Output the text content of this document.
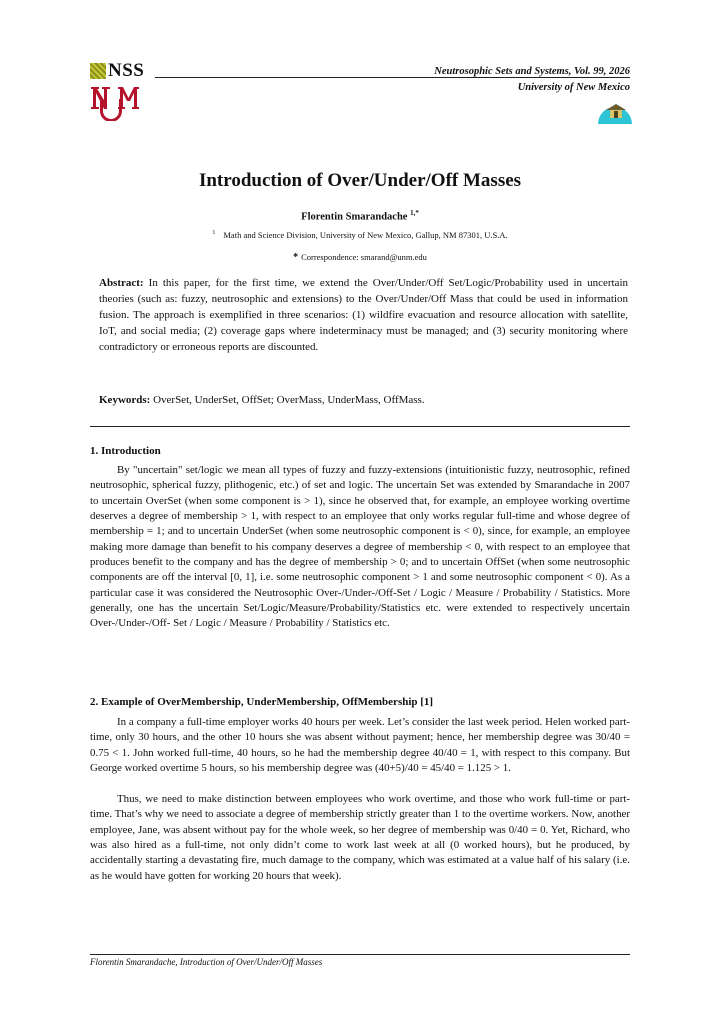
NSS	Neutrosophic Sets and Systems, Vol. 99, 2026
University of New Mexico
Introduction of Over/Under/Off Masses
Florentin Smarandache $^{1,*}$
$^1$ Math and Science Division, University of New Mexico, Gallup, NM 87301, U.S.A.
* Correspondence: smarand@unm.edu
Abstract: In this paper, for the first time, we extend the Over/Under/Off Set/Logic/Probability used in uncertain theories (such as: fuzzy, neutrosophic and extensions) to the Over/Under/Off Mass that could be used in information fusion. The approach is exemplified in three scenarios: (1) wildfire evacuation and resource allocation with satellite, IoT, and social media; (2) coverage gaps where indeterminacy must be managed; and (3) security monitoring where contradictory or erroneous reports are discounted.
Keywords: OverSet, UnderSet, OffSet; OverMass, UnderMass, OffMass.
1. Introduction

By "uncertain" set/logic we mean all types of fuzzy and fuzzy-extensions (intuitionistic fuzzy, neutrosophic, refined neutrosophic, spherical fuzzy, plithogenic, etc.) of set and logic. The uncertain Set was extended by Smarandache in 2007 to uncertain OverSet (when some component is > 1), since he observed that, for example, an employee working overtime deserves a degree of membership > 1, with respect to an employee that only works regular full-time and whose degree of membership = 1; and to uncertain UnderSet (when some neutrosophic component is < 0), since, for example, an employee making more damage than benefit to his company deserves a degree of membership < 0, with respect to an employee that produces benefit to the company and has the degree of membership > 0; and to uncertain OffSet (when some neutrosophic components are off the interval [0, 1], i.e. some neutrosophic component > 1 and some neutrosophic component < 0). As a particular case it was considered the Neutrosophic Over-/Under-/Off-Set / Logic / Measure / Probability / Statistics. More generally, one has the uncertain Set/Logic/Measure/Probability/Statistics etc. were extended to respectively uncertain Over-/Under-/Off- Set / Logic / Measure / Probability / Statistics etc.

2. Example of OverMembership, UnderMembership, OffMembership [1]

In a company a full-time employer works 40 hours per week. Let’s consider the last week period. Helen worked part-time, only 30 hours, and the other 10 hours she was absent without payment; hence, her membership degree was 30/40 = 0.75 < 1. John worked full-time, 40 hours, so he had the membership degree 40/40 = 1, with respect to this company. But George worked overtime 5 hours, so his membership degree was (40+5)/40 = 45/40 = 1.125 > 1.

Thus, we need to make distinction between employees who work overtime, and those who work full-time or part-time. That’s why we need to associate a degree of membership strictly greater than 1 to the overtime workers. Now, another employee, Jane, was absent without pay for the whole week, so her degree of membership was 0/40 = 0. Yet, Richard, who was also hired as a full-time, not only didn’t come to work last week at all (0 worked hours), but he produced, by accidentally starting a devastating fire, much damage to the company, which was estimated at a value half of his salary (i.e. as he would have gotten for working 20 hours that week).

Florentin Smarandache, Introduction of Over/Under/Off Masses
